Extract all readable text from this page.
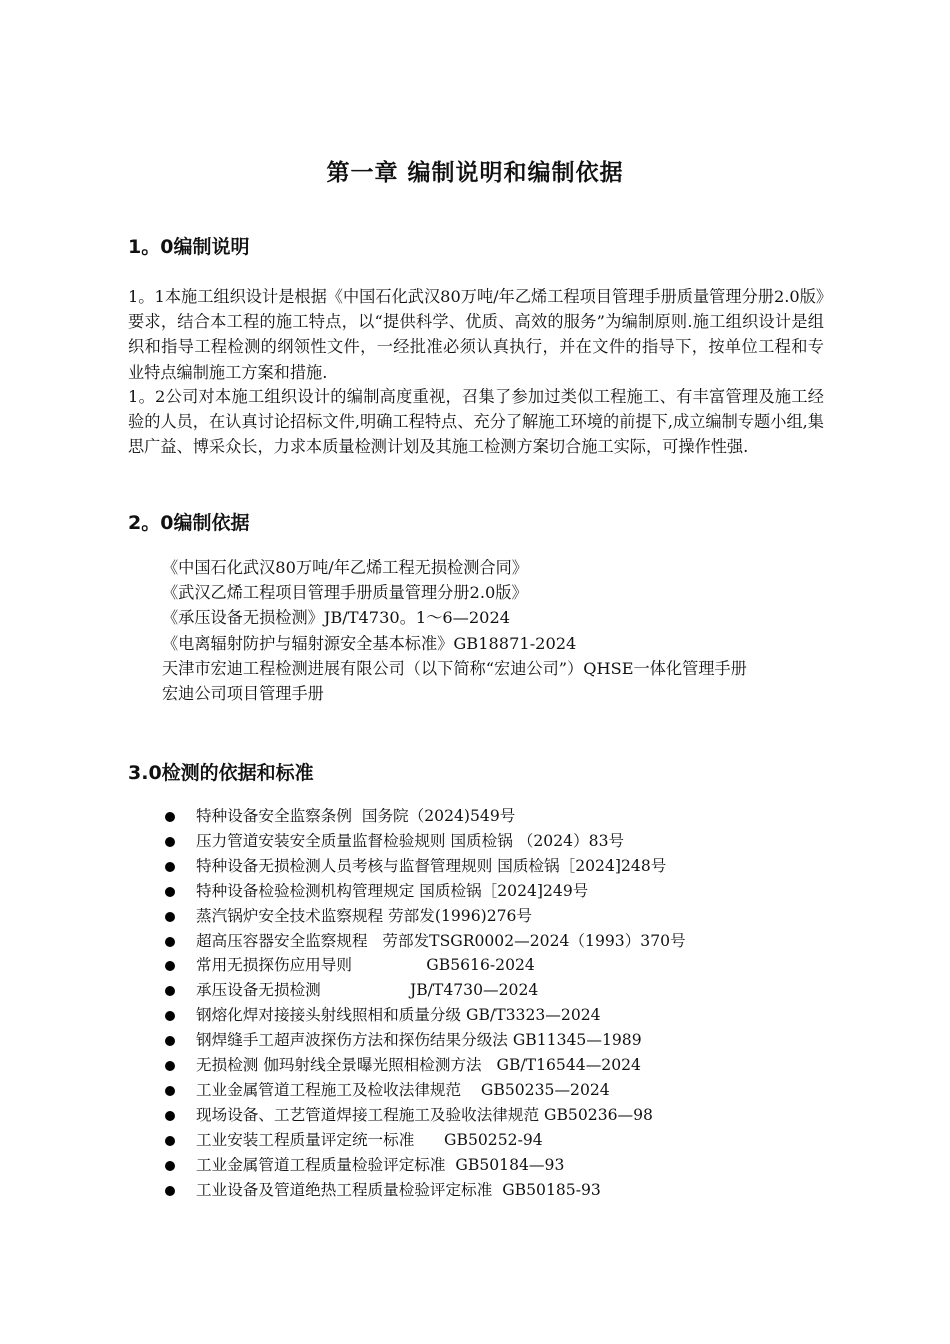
第一章 编制说明和编制依据
1。0编制说明

1。1本施工组织设计是根据《中国石化武汉80万吨/年乙烯工程项目管理手册质量管理分册2.0版》要求，结合本工程的施工特点，以“提供科学、优质、高效的服务”为编制原则.施工组织设计是组织和指导工程检测的纲领性文件，一经批准必须认真执行，并在文件的指导下，按单位工程和专业特点编制施工方案和措施.

1。2公司对本施工组织设计的编制高度重视，召集了参加过类似工程施工、有丰富管理及施工经验的人员，在认真讨论招标文件,明确工程特点、充分了解施工环境的前提下,成立编制专题小组,集思广益、博采众长，力求本质量检测计划及其施工检测方案切合施工实际，可操作性强.

2。0编制依据
《中国石化武汉80万吨/年乙烯工程无损检测合同》
《武汉乙烯工程项目管理手册质量管理分册2.0版》
《承压设备无损检测》JB/T4730。1～6—2024
《电离辐射防护与辐射源安全基本标准》GB18871-2024
天津市宏迪工程检测进展有限公司（以下简称“宏迪公司”）QHSE一体化管理手册
宏迪公司项目管理手册
3.0检测的依据和标准
特种设备安全监察条例  国务院（2024)549号
压力管道安装安全质量监督检验规则 国质检锅 （2024）83号
特种设备无损检测人员考核与监督管理规则 国质检锅［2024]248号
特种设备检验检测机构管理规定 国质检锅［2024]249号
蒸汽锅炉安全技术监察规程 劳部发(1996)276号
超高压容器安全监察规程   劳部发TSGR0002—2024（1993）370号
常用无损探伤应用导则               GB5616-2024
承压设备无损检测                  JB/T4730—2024
钢熔化焊对接接头射线照相和质量分级 GB/T3323—2024
钢焊缝手工超声波探伤方法和探伤结果分级法 GB11345—1989
无损检测 伽玛射线全景曝光照相检测方法   GB/T16544—2024
工业金属管道工程施工及检收法律规范    GB50235—2024
现场设备、工艺管道焊接工程施工及验收法律规范 GB50236—98
工业安装工程质量评定统一标准      GB50252-94
工业金属管道工程质量检验评定标准  GB50184—93
工业设备及管道绝热工程质量检验评定标准  GB50185-93
